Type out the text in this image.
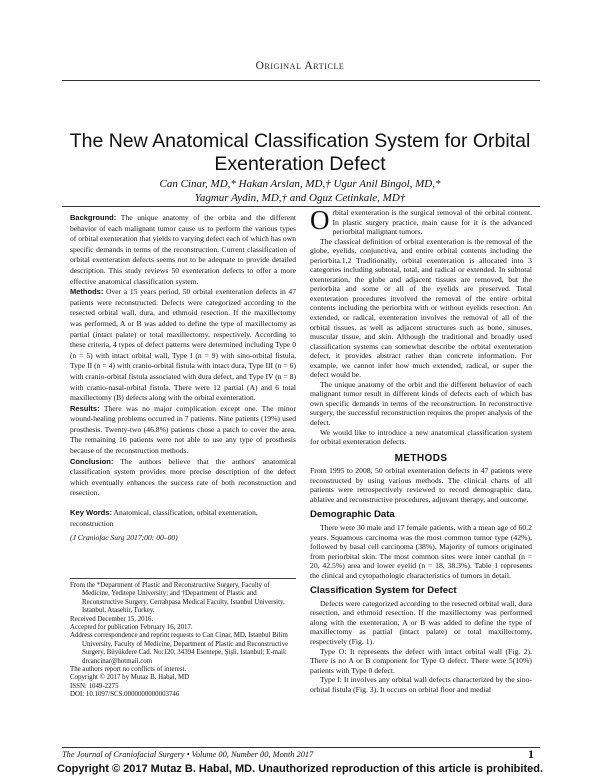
Original Article
The New Anatomical Classification System for Orbital Exenteration Defect
Can Cinar, MD,* Hakan Arslan, MD,† Ugur Anil Bingol, MD,*
Yagmur Aydin, MD,† and Oguz Cetinkale, MD†

Background: The unique anatomy of the orbita and the different behavior of each malignant tumor cause us to perform the various types of orbital exenteration that yields to varying defect each of which has own specific demands in terms of the reconstruction. Current classification of orbital exenteration defects seems not to be adequate to provide detailed description. This study reviews 50 exenteration defects to offer a more effective anatomical classification system.

Methods: Over a 15 years period, 50 orbital exenteration defects in 47 patients were reconstructed. Defects were categorized according to the resected orbital wall, dura, and ethmoid resection. If the maxillectomy was performed, A or B was added to define the type of maxillectomy as partial (intact palate) or total maxillectomy, respectively. According to these criteria, 4 types of defect patterns were determined including Type 0 (n = 5) with intact orbital wall, Type I (n = 9) with sino-orbital fistula, Type II (n = 4) with cranio-orbital fistula with intact dura, Type III (n = 6) with cranio-orbital fistula associated with dura defect, and Type IV (n = 8) with cranio-nasal-orbital fistula. There were 12 partial (A) and 6 total maxillectomy (B) defects along with the orbital exenteration.

Results: There was no major complication except one. The minor wound-healing problems occurred in 7 patients. Nine patients (19%) used prosthesis. Twenty-two (46.8%) patients chose a patch to cover the area. The remaining 16 patients were not able to use any type of prosthesis because of the reconstruction methods.

Conclusion: The authors believe that the authors' anatomical classification system provides more precise description of the defect which eventually enhances the success rate of both reconstruction and resection.

Key Words: Anatomical, classification, orbital exenteration, reconstruction
(J Craniofac Surg 2017;00: 00–00)

From the *Department of Plastic and Reconstructive Surgery, Faculty of Medicine, Yeditepe University; and †Department of Plastic and Reconstructive Surgery, Cerrahpasa Medical Faculty, Istanbul University, Istanbul, Atasehir, Turkey.

Received December 15, 2016.

Accepted for publication February 16, 2017.

Address correspondence and reprint requests to Can Cinar, MD, Istanbul Bilim University, Faculty of Medicine, Department of Plastic and Reconstructive Surgery, Büyükdere Cad. No:120, 34394 Esentepe, Şişli, Istanbul; E-mail: drcancinar@hotmail.com

The authors report no conflicts of interest.

Copyright © 2017 by Mutaz B. Habal, MD

ISSN: 1049-2275

DOI: 10.1097/SCS.0000000000003746

Orbital exenteration is the surgical removal of the orbital content. In plastic surgery practice, main cause for it is the advanced periorbital malignant tumors.

The classical definition of orbital exenteration is the removal of the globe, eyelids, conjunctiva, and entire orbital contents including the periorbita.1,2 Traditionally, orbital exenteration is allocated into 3 categories including subtotal, total, and radical or extended. In subtotal exenteration, the globe and adjacent tissues are removed, but the periorbita and some or all of the eyelids are preserved. Total exenteration procedures involved the removal of the entire orbital contents including the periorbita with or without eyelids resection. An extended, or radical, exenteration involves the removal of all of the orbital tissues, as well as adjacent structures such as bone, sinuses, muscular tissue, and skin. Although the traditional and broadly used classification systems can somewhat describe the orbital exenteration defect, it provides abstract rather than concrete information. For example, we cannot infer how much extended, radical, or super the defect would be.

The unique anatomy of the orbit and the different behavior of each malignant tumor result in different kinds of defects each of which has own specific demands in terms of the reconstruction. In reconstructive surgery, the successful reconstruction requires the proper analysis of the defect.

We would like to introduce a new anatomical classification system for orbital exenteration defects.

METHODS

From 1995 to 2008, 50 orbital exenteration defects in 47 patients were reconstructed by using various methods. The clinical charts of all patients were retrospectively reviewed to record demographic data, ablative and reconstructive procedures, adjuvant therapy, and outcome.

Demographic Data

There were 30 male and 17 female patients, with a mean age of 60.2 years. Squamous carcinoma was the most common tumor type (42%), followed by basal cell carcinoma (38%). Majority of tumors originated from periorbital skin. The most common sites were inner canthal (n = 20, 42.5%) area and lower eyelid (n = 18, 38.3%). Table 1 represents the clinical and cytopathologic characteristics of tumors in detail.

Classification System for Defect

Defects were categorized according to the resected orbital wall, dura resection, and ethmoid resection. If the maxillectomy was performed along with the exenteration, A or B was added to define the type of maxillectomy as partial (intact palate) or total maxillectomy, respectively (Fig. 1).

Type O: It represents the defect with intact orbital wall (Fig. 2). There is no A or B component for Type O defect. There were 5(10%) patients with Type 0 defect.

Type I: It involves any orbital wall defects characterized by the sino-orbital fistula (Fig. 3). It occurs on orbital floor and medial

The Journal of Craniofacial Surgery • Volume 00, Number 00, Month 2017	1
Copyright © 2017 Mutaz B. Habal, MD. Unauthorized reproduction of this article is prohibited.
